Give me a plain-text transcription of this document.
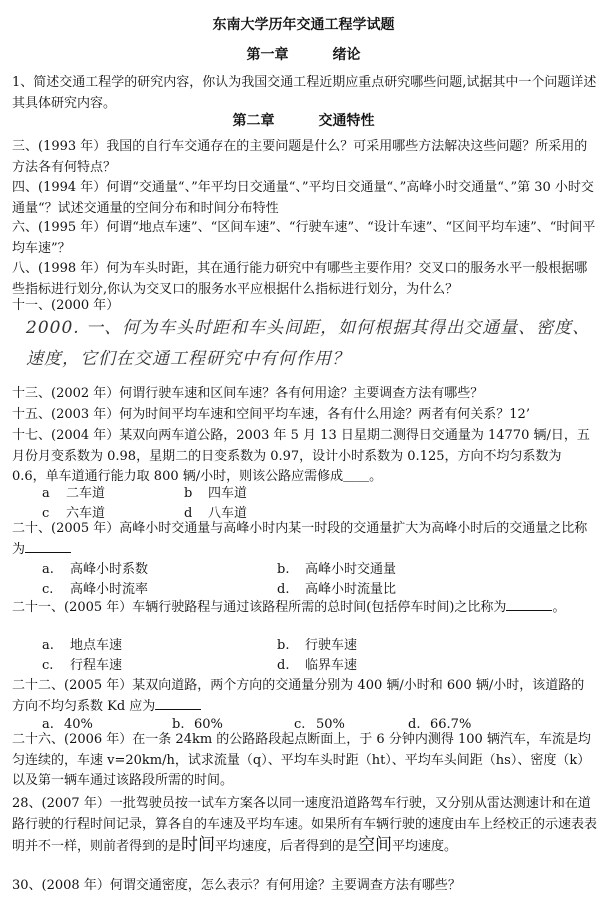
东南大学历年交通工程学试题
第一章	绪论

1、简述交通工程学的研究内容，你认为我国交通工程近期应重点研究哪些问题,试据其中一个问题详述其具体研究内容。

第二章	交通特性

三、(1993 年）我国的自行车交通存在的主要问题是什么？可采用哪些方法解决这些问题？所采用的方法各有何特点？

四、(1994 年）何谓“交通量“、”年平均日交通量“、”平均日交通量“、”高峰小时交通量“、”第 30 小时交通量“？试述交通量的空间分布和时间分布特性

六、(1995 年）何谓“地点车速”、“区间车速”、“行驶车速”、“设计车速”、“区间平均车速”、“时间平均车速”？

八、(1998 年）何为车头时距，其在通行能力研究中有哪些主要作用？交叉口的服务水平一般根据哪些指标进行划分,你认为交叉口的服务水平应根据什么指标进行划分，为什么？

十一、(2000 年）

2000. 一、何为车头时距和车头间距，如何根据其得出交通量、密度、速度，它们在交通工程研究中有何作用？

十三、(2002 年）何谓行驶车速和区间车速？各有何用途？主要调查方法有哪些？

十五、(2003 年）何为时间平均车速和空间平均车速，各有什么用途？两者有何关系？12’

十七、(2004 年）某双向两车道公路，2003 年 5 月 13 日星期二测得日交通量为 14770 辆/日，五月份月变系数为 0.98，星期二的日变系数为 0.97，设计小时系数为 0.125，方向不均匀系数为 0.6，单车道通行能力取 800 辆/小时，则该公路应需修成＿＿。

a	二车道	b	四车道
c	六车道	d	八车道

二十、(2005 年）高峰小时交通量与高峰小时内某一时段的交通量扩大为高峰小时后的交通量之比称为

a.	高峰小时系数	b.	高峰小时交通量
c.	高峰小时流率	d.	高峰小时流量比

二十一、(2005 年）车辆行驶路程与通过该路程所需的总时间(包括停车时间)之比称为	。

a.	地点车速	b.	行驶车速
c.	行程车速	d.	临界车速

二十二、(2005 年）某双向道路，两个方向的交通量分别为 400 辆/小时和 600 辆/小时，该道路的方向不均匀系数 Kd 应为

a. 40%	b. 60%	c. 50%	d. 66.7%

二十六、(2006 年）在一条 24km 的公路路段起点断面上，于 6 分钟内测得 100 辆汽车，车流是均匀连续的，车速 v=20km/h，试求流量（q）、平均车头时距（ht）、平均车头间距（hs）、密度（k）以及第一辆车通过该路段所需的时间。

28、(2007 年）一批驾驶员按一试车方案各以同一速度沿道路驾车行驶，又分别从雷达测速计和在道路行驶的行程时间记录，算各自的车速及平均车速。如果所有车辆行驶的速度由车上经校正的示速表表明并不一样，则前者得到的是时间平均速度，后者得到的是空间平均速度。

30、(2008 年）何谓交通密度，怎么表示？有何用途？主要调查方法有哪些？
